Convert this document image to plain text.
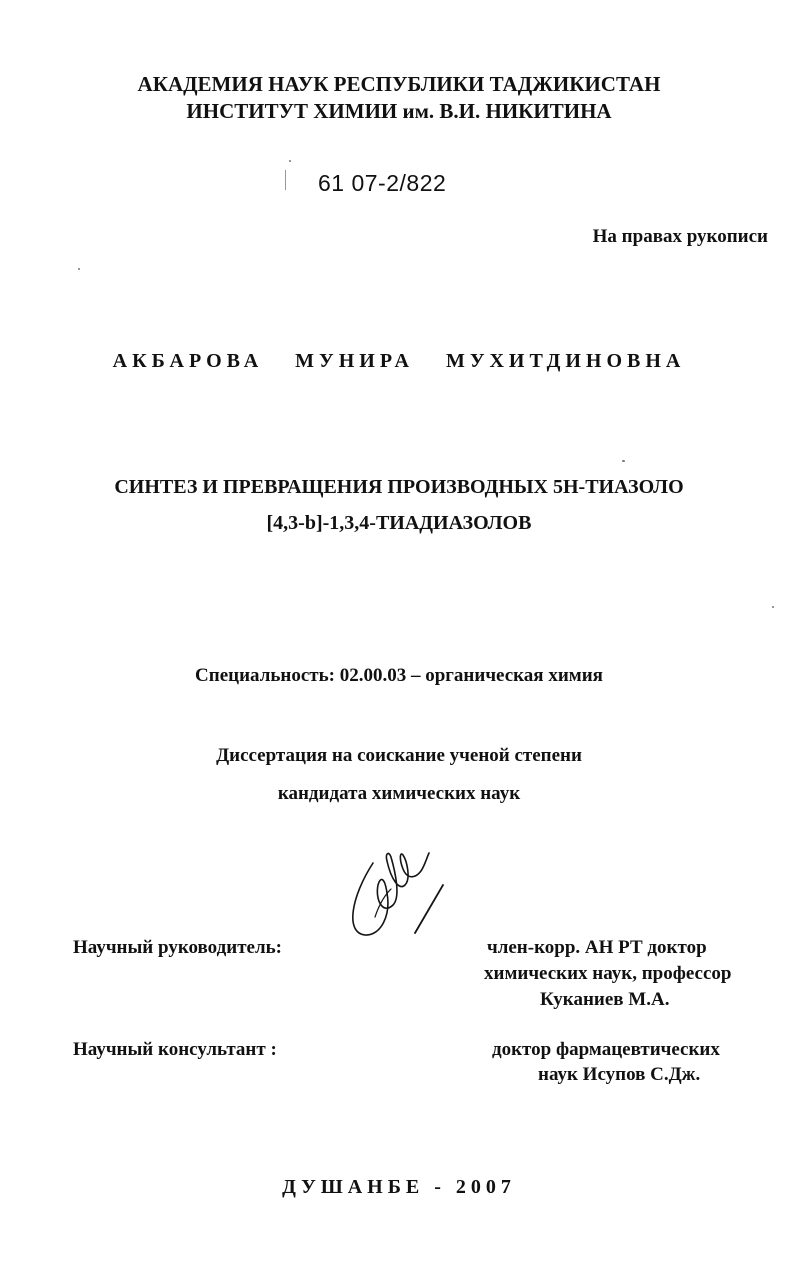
АКАДЕМИЯ НАУК РЕСПУБЛИКИ ТАДЖИКИСТАН
ИНСТИТУТ ХИМИИ им. В.И. НИКИТИНА
61 07-2/822
На правах рукописи
АКБАРОВА МУНИРА МУХИТДИНОВНА
СИНТЕЗ И ПРЕВРАЩЕНИЯ ПРОИЗВОДНЫХ 5Н-ТИАЗОЛО
[4,3-b]-1,3,4-ТИАДИАЗОЛОВ
Специальность: 02.00.03 – органическая химия
Диссертация на соискание ученой степени
кандидата химических наук
Научный руководитель:	член-корр. АН РТ доктор
химических наук, профессор
Куканиев М.А.
Научный консультант :	доктор фармацевтических
наук Исупов С.Дж.
ДУШАНБЕ - 2007
